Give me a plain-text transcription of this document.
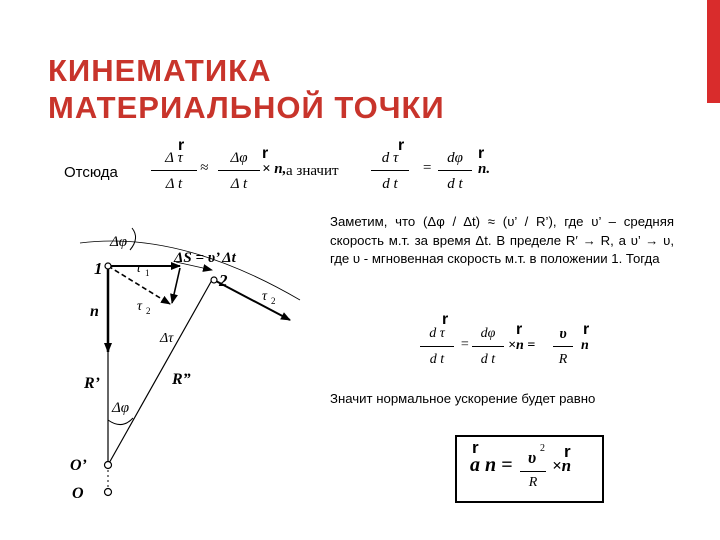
КИНЕМАТИКА
МАТЕРИАЛЬНОЙ ТОЧКИ
Отсюда
r
Δ τ
Δ t
≈
Δφ
Δ t
r
× n, а значит
r
d τ
d t
=
dφ
d t
r
n.
Заметим, что (Δφ / Δt) ≈ (υ’ / R’), где υ’ – средняя скорость м.т. за время Δt. В пределе R′ → R, а υ’ → υ, где υ - мгновенная скорость м.т. в положении 1. Тогда
r
d τ
d t
=
dφ
d t
r
×n =
υ
R
r
n
Значит нормальное ускорение будет равно
r
a n = υ 2
R
r
×n
Δφ
1 τ 1
ΔS = υ’ Δt
2
τ 2
τ 2
n
Δτ
R’	R”
Δφ
O’
O
